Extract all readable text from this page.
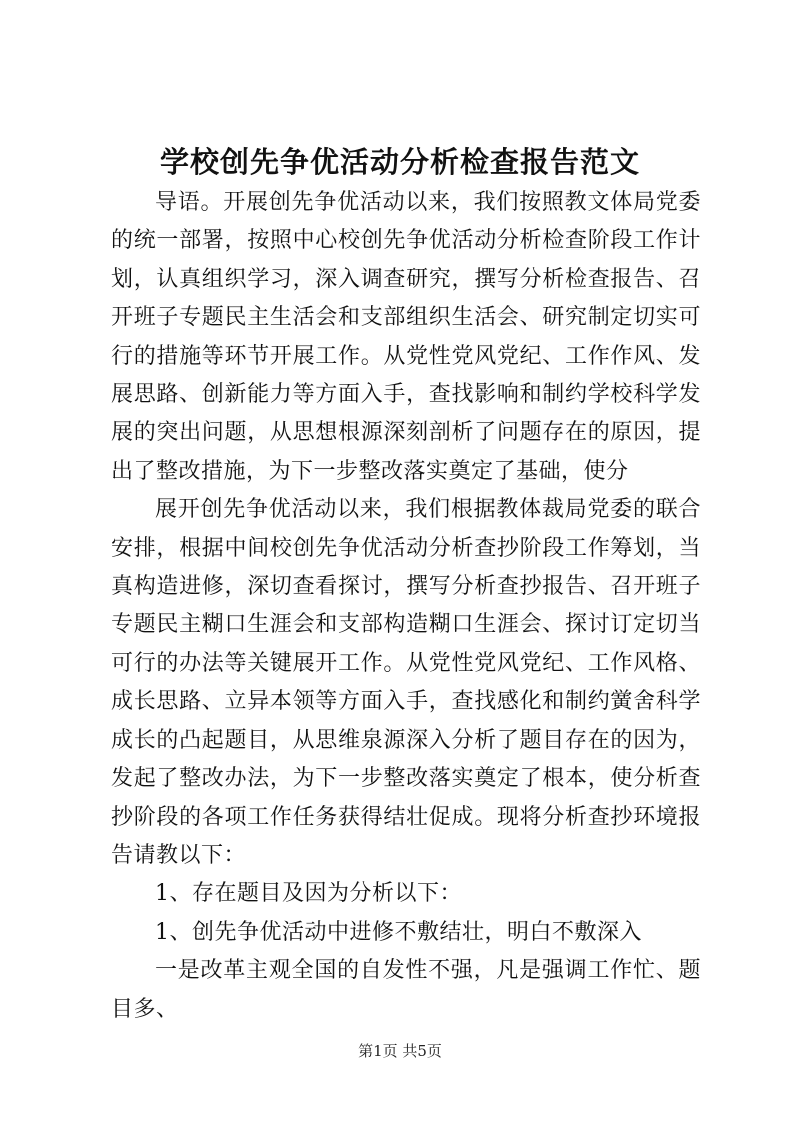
学校创先争优活动分析检查报告范文

导语。开展创先争优活动以来，我们按照教文体局党委的统一部署，按照中心校创先争优活动分析检查阶段工作计划，认真组织学习，深入调查研究，撰写分析检查报告、召开班子专题民主生活会和支部组织生活会、研究制定切实可行的措施等环节开展工作。从党性党风党纪、工作作风、发展思路、创新能力等方面入手，查找影响和制约学校科学发展的突出问题，从思想根源深刻剖析了问题存在的原因，提出了整改措施，为下一步整改落实奠定了基础，使分

展开创先争优活动以来，我们根据教体裁局党委的联合安排，根据中间校创先争优活动分析查抄阶段工作筹划，当真构造进修，深切查看探讨，撰写分析查抄报告、召开班子专题民主糊口生涯会和支部构造糊口生涯会、探讨订定切当可行的办法等关键展开工作。从党性党风党纪、工作风格、成长思路、立异本领等方面入手，查找感化和制约黉舍科学成长的凸起题目，从思维泉源深入分析了题目存在的因为，发起了整改办法，为下一步整改落实奠定了根本，使分析查抄阶段的各项工作任务获得结壮促成。现将分析查抄环境报告请教以下：

1、存在题目及因为分析以下：

1、创先争优活动中进修不敷结壮，明白不敷深入

一是改革主观全国的自发性不强，凡是强调工作忙、题目多、

第1页 共5页
